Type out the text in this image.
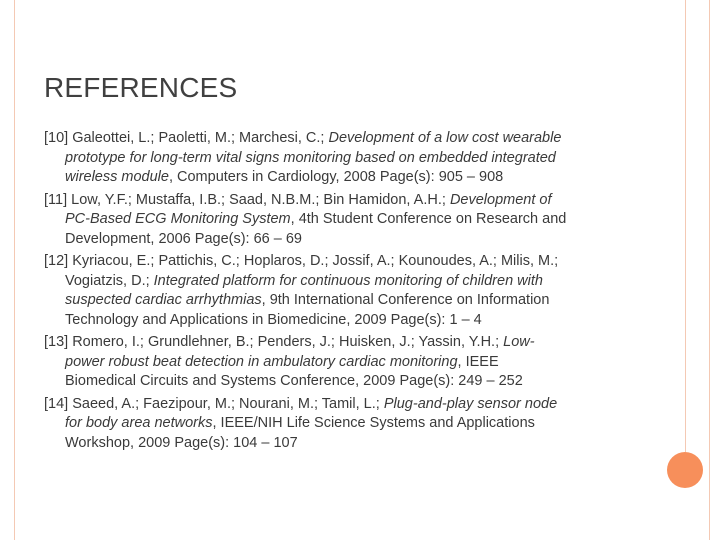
REFERENCES
[10] Galeottei, L.; Paoletti, M.; Marchesi, C.; Development of a low cost wearable
prototype for long-term vital signs monitoring based on embedded integrated
wireless module, Computers in Cardiology, 2008 Page(s): 905 – 908
[11] Low, Y.F.; Mustaffa, I.B.; Saad, N.B.M.; Bin Hamidon, A.H.; Development of
PC-Based ECG Monitoring System, 4th Student Conference on Research and
Development, 2006 Page(s): 66 – 69
[12] Kyriacou, E.; Pattichis, C.; Hoplaros, D.; Jossif, A.; Kounoudes, A.; Milis, M.;
Vogiatzis, D.; Integrated platform for continuous monitoring of children with
suspected cardiac arrhythmias, 9th International Conference on Information
Technology and Applications in Biomedicine, 2009 Page(s): 1 – 4
[13] Romero, I.; Grundlehner, B.; Penders, J.; Huisken, J.; Yassin, Y.H.; Low-
power robust beat detection in ambulatory cardiac monitoring, IEEE
Biomedical Circuits and Systems Conference, 2009 Page(s): 249 – 252
[14] Saeed, A.; Faezipour, M.; Nourani, M.; Tamil, L.; Plug-and-play sensor node
for body area networks, IEEE/NIH Life Science Systems and Applications
Workshop, 2009 Page(s): 104 – 107
